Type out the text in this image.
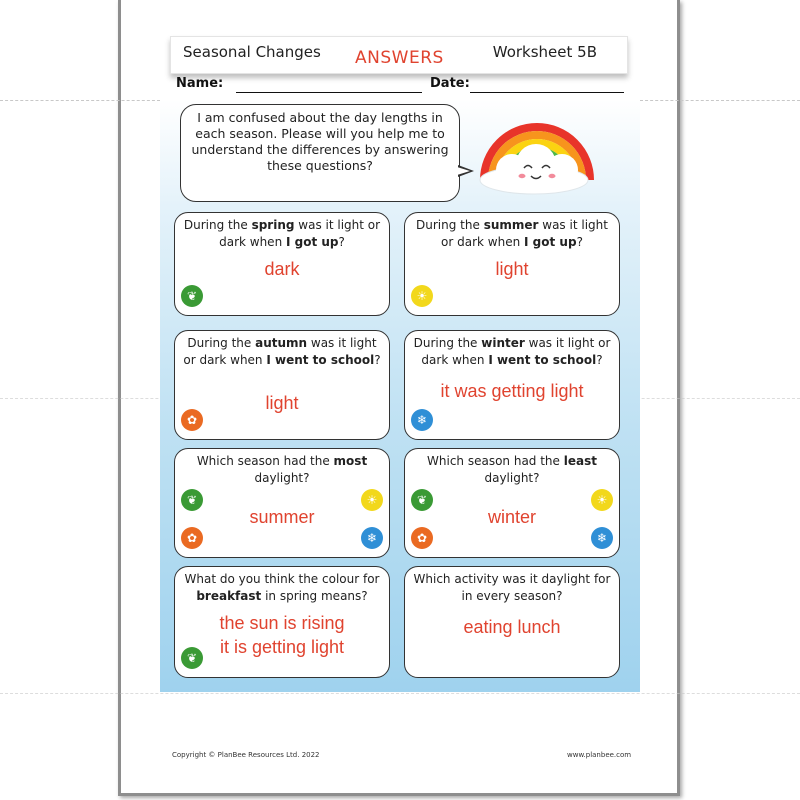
Seasonal Changes ANSWERS	Worksheet 5B
Name:	Date:
I am confused about the day lengths in each season. Please will you help me to understand the differences by answering these questions?
During the spring was it light or dark when I got up?
dark
❦
During the summer was it light or dark when I got up?
light
☀
During the autumn was it light or dark when I went to school?
light
✿
During the winter was it light or dark when I went to school?
it was getting light
❄
Which season had the most daylight?
summer
❦
✿
☀
❄
Which season had the least daylight?
winter
❦
✿
☀
❄
What do you think the colour for breakfast in spring means?
the sun is rising
it is getting light
❦
Which activity was it daylight for in every season?
eating lunch
Copyright © PlanBee Resources Ltd. 2022	www.planbee.com
